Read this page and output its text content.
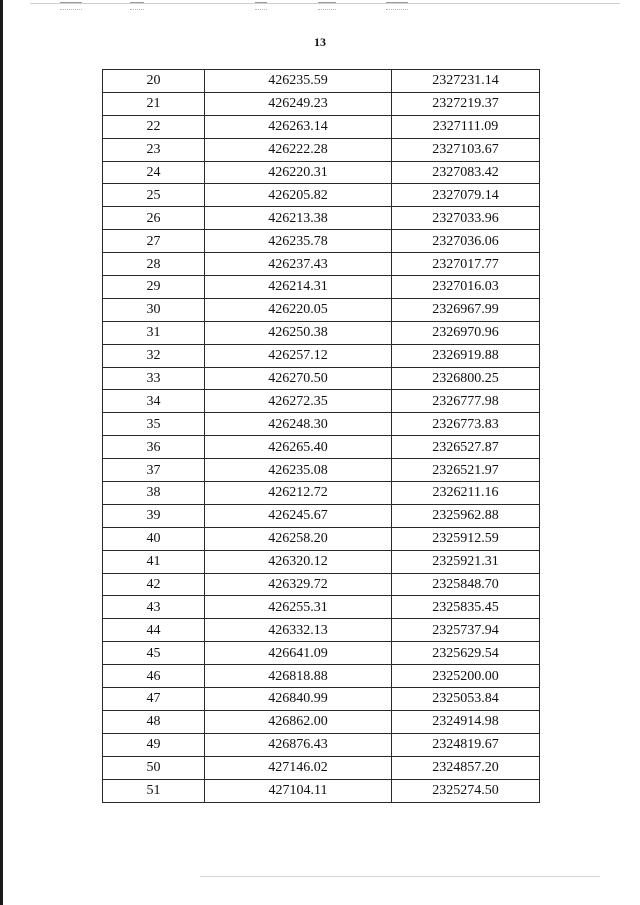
13
20	426235.59	2327231.14
21	426249.23	2327219.37
22	426263.14	2327111.09
23	426222.28	2327103.67
24	426220.31	2327083.42
25	426205.82	2327079.14
26	426213.38	2327033.96
27	426235.78	2327036.06
28	426237.43	2327017.77
29	426214.31	2327016.03
30	426220.05	2326967.99
31	426250.38	2326970.96
32	426257.12	2326919.88
33	426270.50	2326800.25
34	426272.35	2326777.98
35	426248.30	2326773.83
36	426265.40	2326527.87
37	426235.08	2326521.97
38	426212.72	2326211.16
39	426245.67	2325962.88
40	426258.20	2325912.59
41	426320.12	2325921.31
42	426329.72	2325848.70
43	426255.31	2325835.45
44	426332.13	2325737.94
45	426641.09	2325629.54
46	426818.88	2325200.00
47	426840.99	2325053.84
48	426862.00	2324914.98
49	426876.43	2324819.67
50	427146.02	2324857.20
51	427104.11	2325274.50
